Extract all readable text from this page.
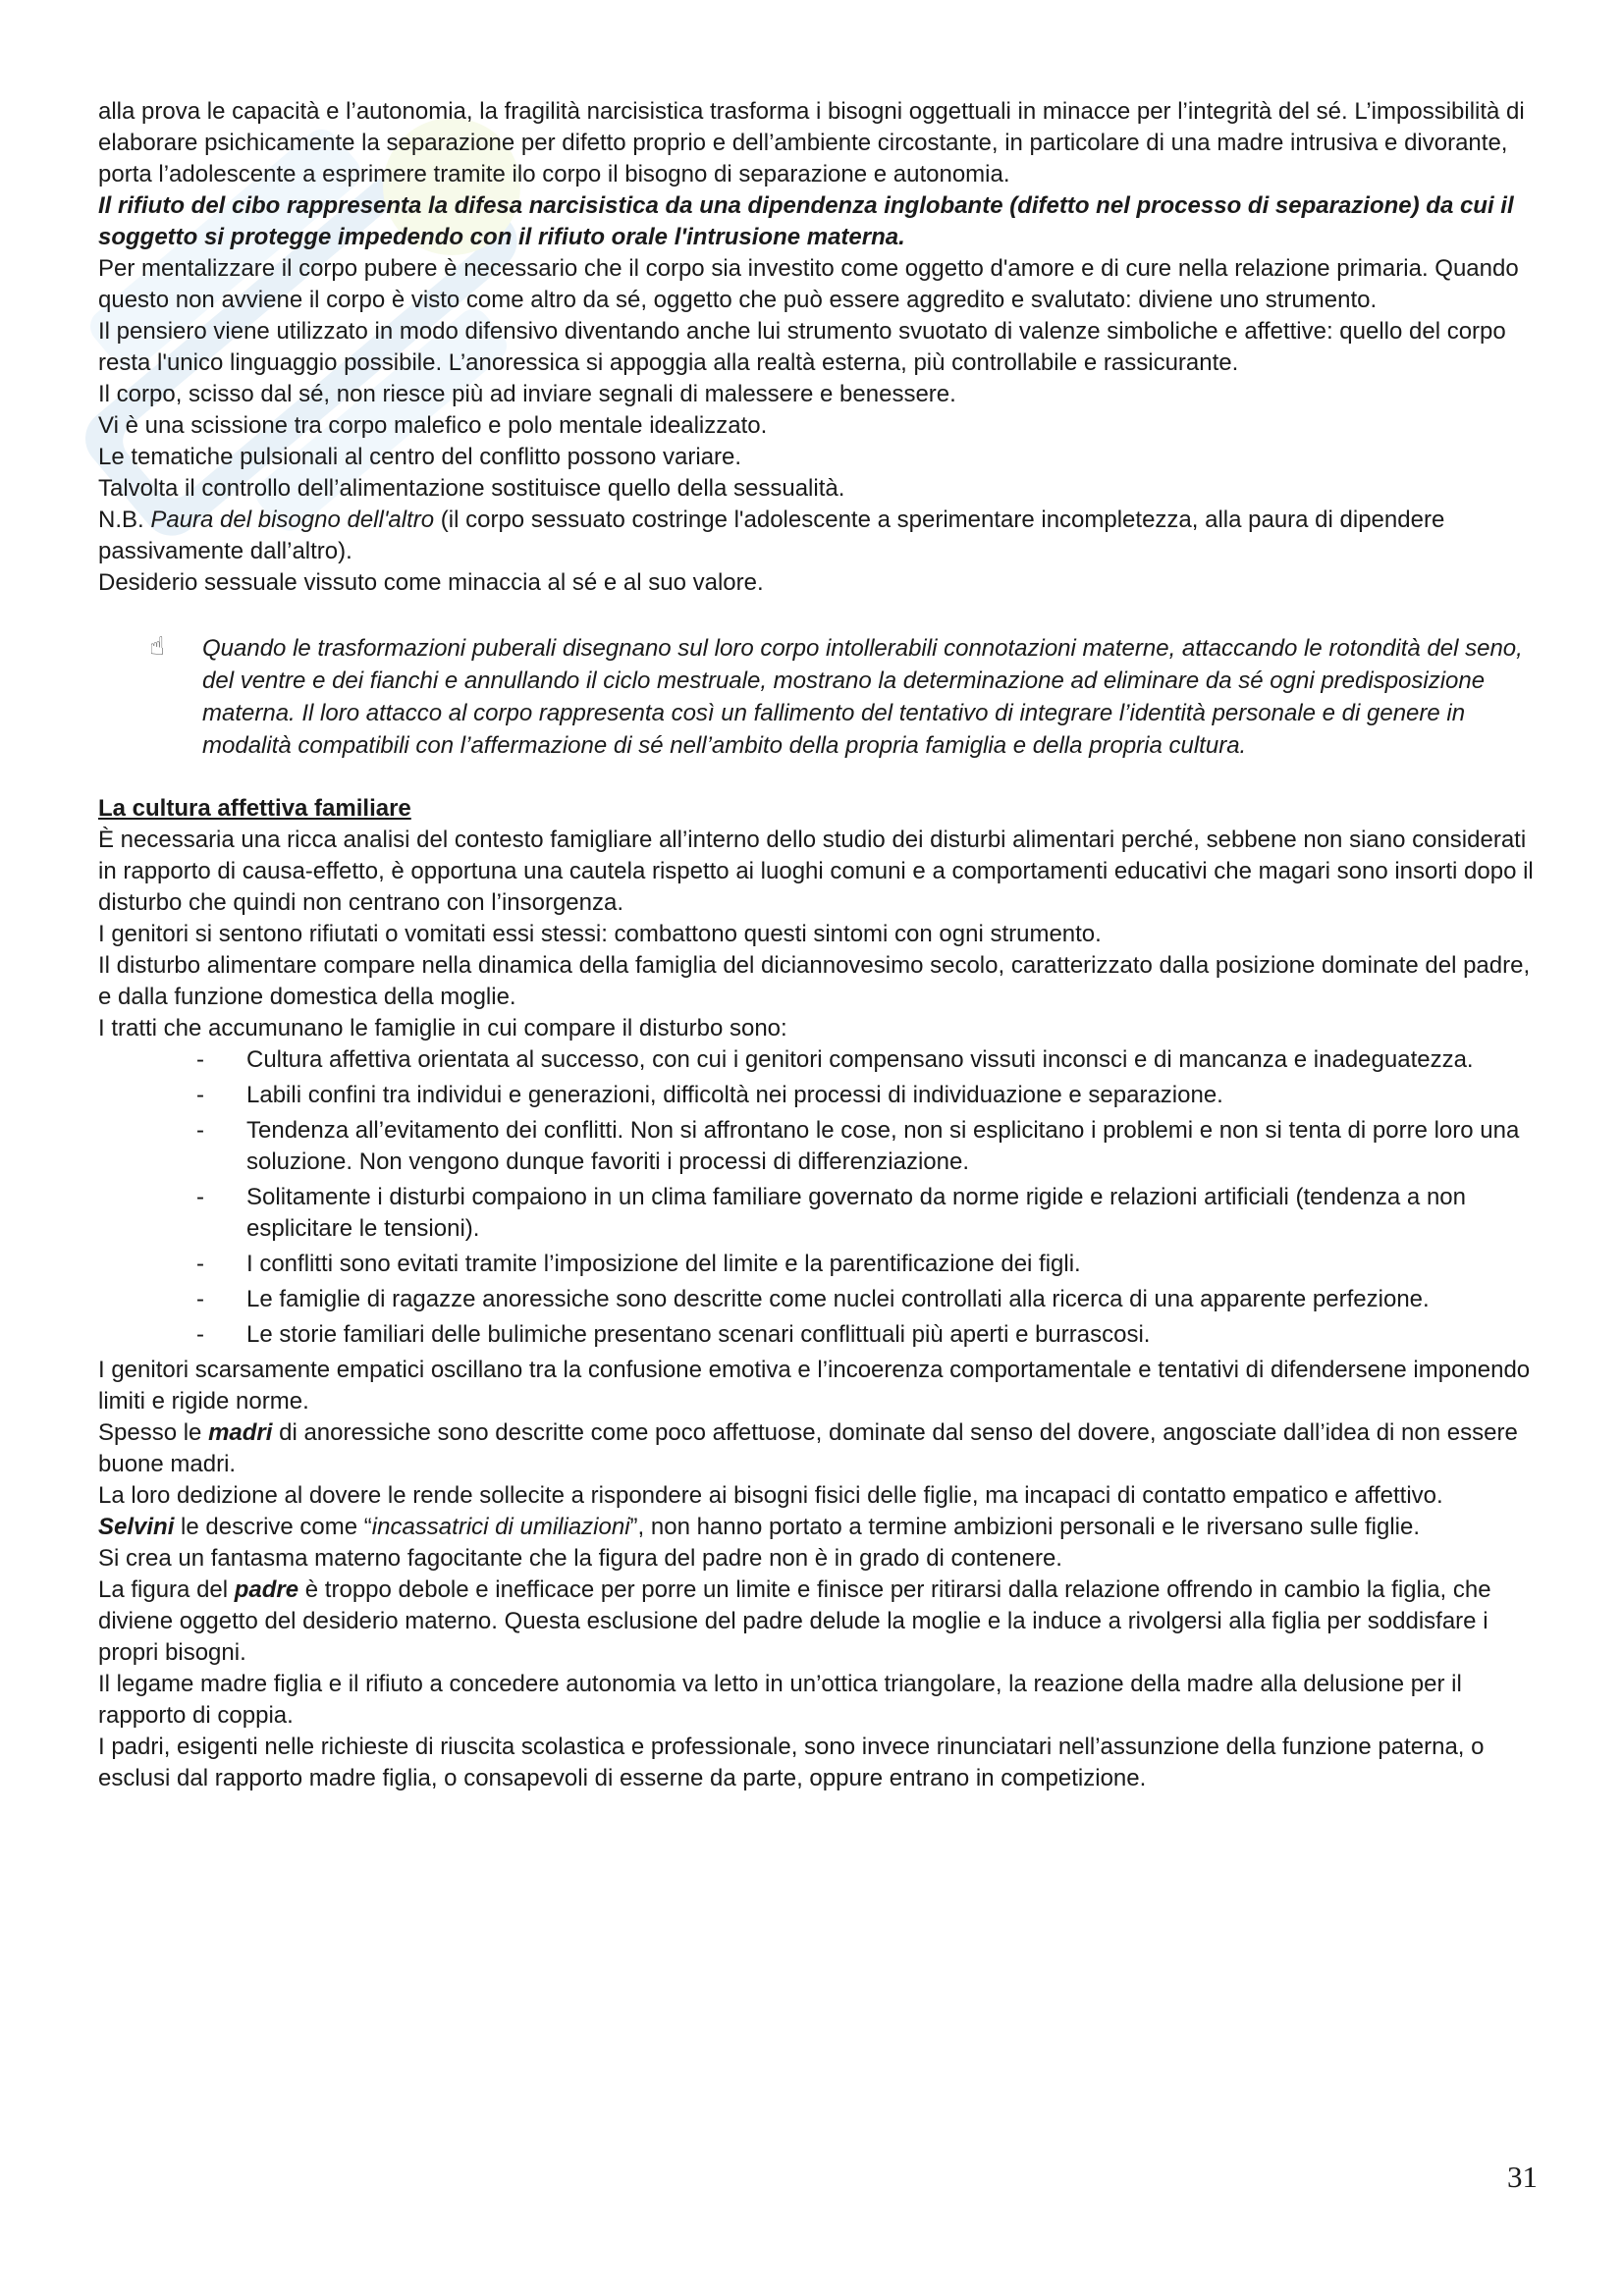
alla prova le capacità e l’autonomia, la fragilità narcisistica trasforma i bisogni oggettuali in minacce per l’integrità del sé. L’impossibilità di elaborare psichicamente la separazione per difetto proprio e dell’ambiente circostante, in particolare di una madre intrusiva e divorante, porta l’adolescente a esprimere tramite ilo corpo il bisogno di separazione e autonomia.

Il rifiuto del cibo rappresenta la difesa narcisistica da una dipendenza inglobante (difetto nel processo di separazione) da cui il soggetto si protegge impedendo con il rifiuto orale l'intrusione materna.

Per mentalizzare il corpo pubere è necessario che il corpo sia investito come oggetto d'amore e di cure nella relazione primaria. Quando questo non avviene il corpo è visto come altro da sé, oggetto che può essere aggredito e svalutato: diviene uno strumento.

Il pensiero viene utilizzato in modo difensivo diventando anche lui strumento svuotato di valenze simboliche e affettive: quello del corpo resta l'unico linguaggio possibile. L’anoressica si appoggia alla realtà esterna, più controllabile e rassicurante.

Il corpo, scisso dal sé, non riesce più ad inviare segnali di malessere e benessere.

Vi è una scissione tra corpo malefico e polo mentale idealizzato.

Le tematiche pulsionali al centro del conflitto possono variare.

Talvolta il controllo dell’alimentazione sostituisce quello della sessualità.

N.B. Paura del bisogno dell'altro (il corpo sessuato costringe l'adolescente a sperimentare incompletezza, alla paura di dipendere passivamente dall’altro).

Desiderio sessuale vissuto come minaccia al sé e al suo valore.

☝ Quando le trasformazioni puberali disegnano sul loro corpo intollerabili connotazioni materne, attaccando le rotondità del seno, del ventre e dei fianchi e annullando il ciclo mestruale, mostrano la determinazione ad eliminare da sé ogni predisposizione materna. Il loro attacco al corpo rappresenta così un fallimento del tentativo di integrare l’identità personale e di genere in modalità compatibili con l’affermazione di sé nell’ambito della propria famiglia e della propria cultura.

La cultura affettiva familiare

È necessaria una ricca analisi del contesto famigliare all’interno dello studio dei disturbi alimentari perché, sebbene non siano considerati in rapporto di causa-effetto, è opportuna una cautela rispetto ai luoghi comuni e a comportamenti educativi che magari sono insorti dopo il disturbo che quindi non centrano con l’insorgenza.

I genitori si sentono rifiutati o vomitati essi stessi: combattono questi sintomi con ogni strumento.

Il disturbo alimentare compare nella dinamica della famiglia del diciannovesimo secolo, caratterizzato dalla posizione dominate del padre, e dalla funzione domestica della moglie.

I tratti che accumunano le famiglie in cui compare il disturbo sono:

- Cultura affettiva orientata al successo, con cui i genitori compensano vissuti inconsci e di mancanza e inadeguatezza.
- Labili confini tra individui e generazioni, difficoltà nei processi di individuazione e separazione.
- Tendenza all’evitamento dei conflitti. Non si affrontano le cose, non si esplicitano i problemi e non si tenta di porre loro una soluzione. Non vengono dunque favoriti i processi di differenziazione.
- Solitamente i disturbi compaiono in un clima familiare governato da norme rigide e relazioni artificiali (tendenza a non esplicitare le tensioni).
- I conflitti sono evitati tramite l’imposizione del limite e la parentificazione dei figli.
- Le famiglie di ragazze anoressiche sono descritte come nuclei controllati alla ricerca di una apparente perfezione.
- Le storie familiari delle bulimiche presentano scenari conflittuali più aperti e burrascosi.

I genitori scarsamente empatici oscillano tra la confusione emotiva e l’incoerenza comportamentale e tentativi di difendersene imponendo limiti e rigide norme.

Spesso le madri di anoressiche sono descritte come poco affettuose, dominate dal senso del dovere, angosciate dall’idea di non essere buone madri.

La loro dedizione al dovere le rende sollecite a rispondere ai bisogni fisici delle figlie, ma incapaci di contatto empatico e affettivo.

Selvini le descrive come “incassatrici di umiliazioni”, non hanno portato a termine ambizioni personali e le riversano sulle figlie.

Si crea un fantasma materno fagocitante che la figura del padre non è in grado di contenere.

La figura del padre è troppo debole e inefficace per porre un limite e finisce per ritirarsi dalla relazione offrendo in cambio la figlia, che diviene oggetto del desiderio materno. Questa esclusione del padre delude la moglie e la induce a rivolgersi alla figlia per soddisfare i propri bisogni.

Il legame madre figlia e il rifiuto a concedere autonomia va letto in un’ottica triangolare, la reazione della madre alla delusione per il rapporto di coppia.

I padri, esigenti nelle richieste di riuscita scolastica e professionale, sono invece rinunciatari nell’assunzione della funzione paterna, o esclusi dal rapporto madre figlia, o consapevoli di esserne da parte, oppure entrano in competizione.

31
